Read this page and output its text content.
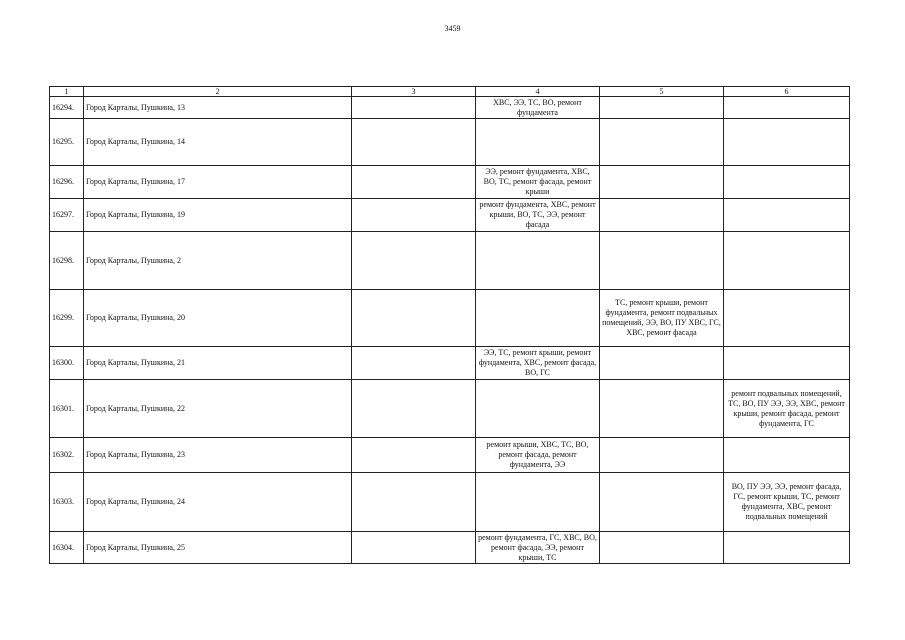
3459
1	2	3	4	5	6
16294.	Город Карталы, Пушкина, 13		ХВС, ЭЭ, ТС, ВО, ремонт фундамента		
16295.	Город Карталы, Пушкина, 14				
16296.	Город Карталы, Пушкина, 17		ЭЭ, ремонт фундамента, ХВС, ВО, ТС, ремонт фасада, ремонт крыши		
16297.	Город Карталы, Пушкина, 19		ремонт фундамента, ХВС, ремонт крыши, ВО, ТС, ЭЭ, ремонт фасада		
16298.	Город Карталы, Пушкина, 2				
16299.	Город Карталы, Пушкина, 20			ТС, ремонт крыши, ремонт фундамента, ремонт подвальных помещений, ЭЭ, ВО, ПУ ХВС, ГС, ХВС, ремонт фасада	
16300.	Город Карталы, Пушкина, 21		ЭЭ, ТС, ремонт крыши, ремонт фундамента, ХВС, ремонт фасада, ВО, ГС		
16301.	Город Карталы, Пушкина, 22				ремонт подвальных помещений, ТС, ВО, ПУ ЭЭ, ЭЭ, ХВС, ремонт крыши, ремонт фасада, ремонт фундамента, ГС
16302.	Город Карталы, Пушкина, 23		ремонт крыши, ХВС, ТС, ВО, ремонт фасада, ремонт фундамента, ЭЭ		
16303.	Город Карталы, Пушкина, 24				ВО, ПУ ЭЭ, ЭЭ, ремонт фасада, ГС, ремонт крыши, ТС, ремонт фундамента, ХВС, ремонт подвальных помещений
16304.	Город Карталы, Пушкина, 25		ремонт фундамента, ГС, ХВС, ВО, ремонт фасада, ЭЭ, ремонт крыши, ТС		
